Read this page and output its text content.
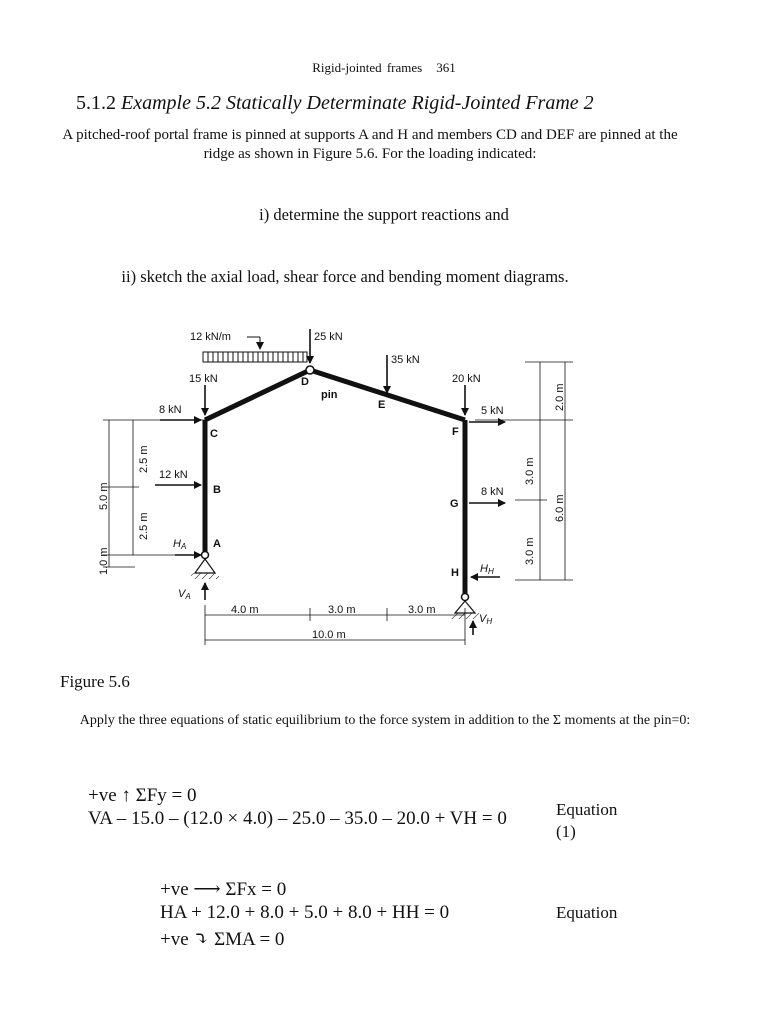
Rigid-jointed frames 361
5.1.2 Example 5.2 Statically Determinate Rigid-Jointed Frame 2
A pitched-roof portal frame is pinned at supports A and H and members CD and DEF are pinned at the ridge as shown in Figure 5.6. For the loading indicated:
i) determine the support reactions and
ii) sketch the axial load, shear force and bending moment diagrams.
12 kN/m	25 kN
35 kN
15 kN	20 kN
8 kN
12 kN
5 kN
8 kN
A
B
C
D
E
F
G
H
pin
HA
VA
HH
VH
5.0 m
2.5 m
2.5 m
1.0 m
2.0 m
3.0 m
3.0 m
6.0 m
4.0 m	3.0 m	3.0 m
10.0 m
Figure 5.6
Apply the three equations of static equilibrium to the force system in addition to the Σ moments at the pin=0:
+ve ↑ ΣFy = 0
VA – 15.0 – (12.0 × 4.0) – 25.0 – 35.0 – 20.0 + VH = 0	Equation
(1)
+ve ⟶ ΣFx = 0
HA + 12.0 + 8.0 + 5.0 + 8.0 + HH = 0
+ve ⤵ ΣMA = 0
Equation
